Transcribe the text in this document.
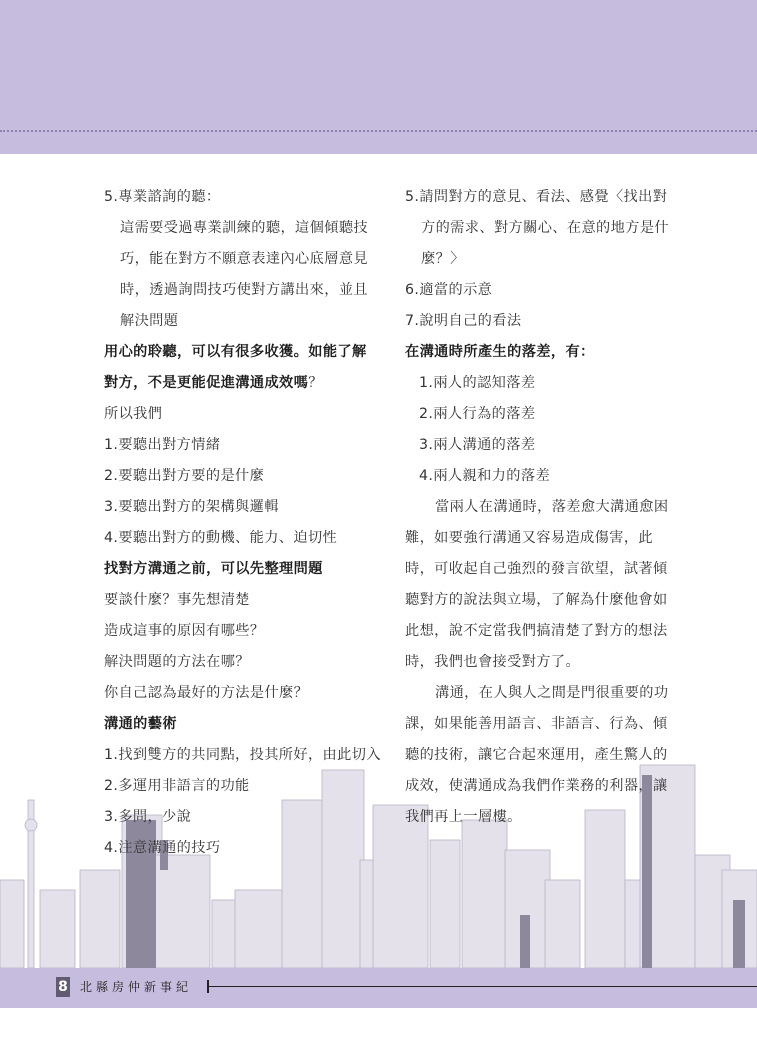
5.專業諮詢的聽：
這需要受過專業訓練的聽，這個傾聽技
巧，能在對方不願意表達內心底層意見
時，透過詢問技巧使對方講出來，並且
解決問題
用心的聆聽，可以有很多收獲。如能了解
對方，不是更能促進溝通成效嗎？
所以我們
1.要聽出對方情緒
2.要聽出對方要的是什麼
3.要聽出對方的架構與邏輯
4.要聽出對方的動機、能力、迫切性
找對方溝通之前，可以先整理問題
要談什麼？事先想清楚
造成這事的原因有哪些？
解決問題的方法在哪？
你自己認為最好的方法是什麼？
溝通的藝術
1.找到雙方的共同點，投其所好，由此切入
2.多運用非語言的功能
3.多問，少說
4.注意溝通的技巧
5.請問對方的意見、看法、感覺〈找出對
方的需求、對方關心、在意的地方是什
麼？〉
6.適當的示意
7.說明自己的看法
在溝通時所產生的落差，有：
1.兩人的認知落差
2.兩人行為的落差
3.兩人溝通的落差
4.兩人親和力的落差
當兩人在溝通時，落差愈大溝通愈困
難，如要強行溝通又容易造成傷害，此
時，可收起自己強烈的發言欲望，試著傾
聽對方的說法與立場，了解為什麼他會如
此想，說不定當我們搞清楚了對方的想法
時，我們也會接受對方了。
溝通，在人與人之間是門很重要的功
課，如果能善用語言、非語言、行為、傾
聽的技術，讓它合起來運用，產生驚人的
成效，使溝通成為我們作業務的利器，讓
我們再上一層樓。
8 北縣房仲新事紀
